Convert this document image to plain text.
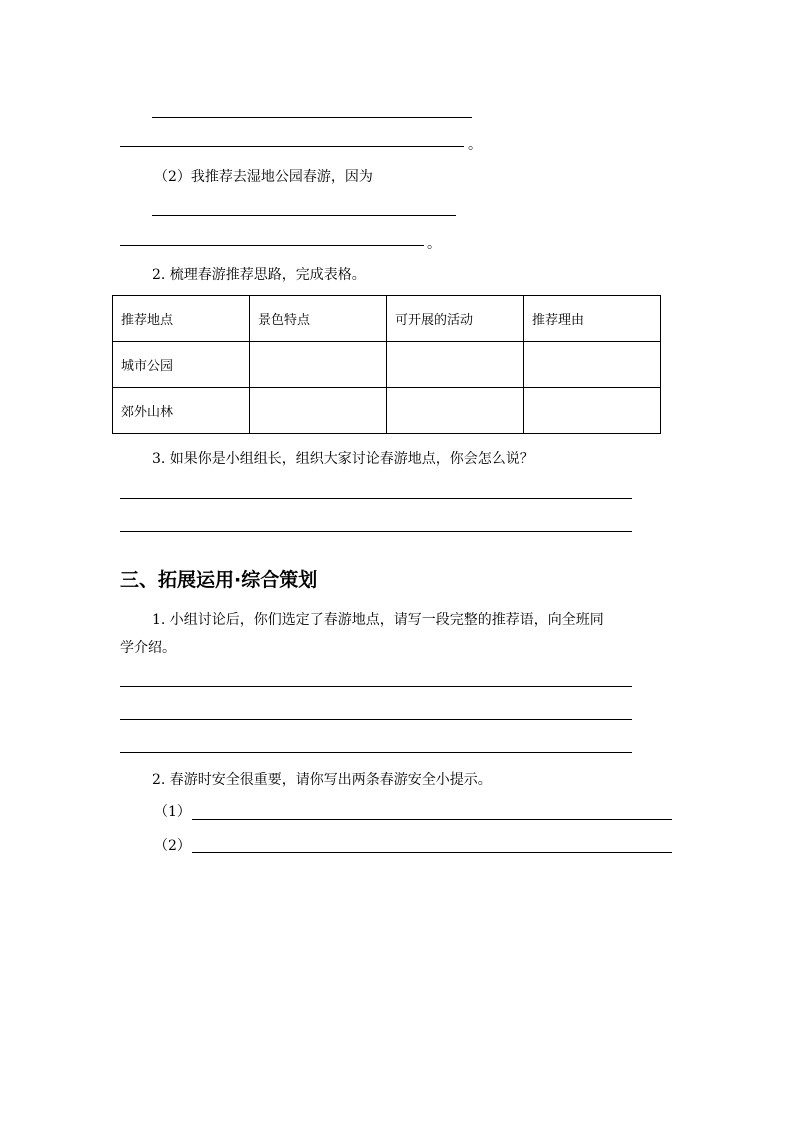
。
（2）我推荐去湿地公园春游，因为
。
2. 梳理春游推荐思路，完成表格。
推荐地点	景色特点	可开展的活动	推荐理由
城市公园			
郊外山林			
3. 如果你是小组组长，组织大家讨论春游地点，你会怎么说？
三、拓展运用·综合策划
1. 小组讨论后，你们选定了春游地点，请写一段完整的推荐语，向全班同
学介绍。
2. 春游时安全很重要，请你写出两条春游安全小提示。
（1）
（2）
